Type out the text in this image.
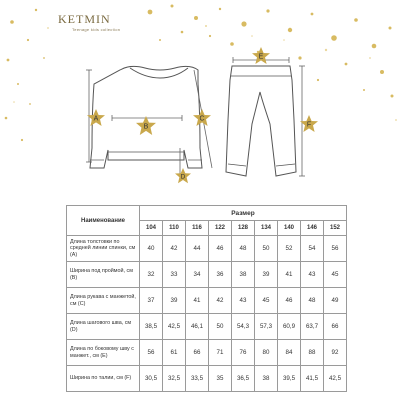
KETMIN
Teenage kids collection
A
B
C
D
E
F
Наименование	Размер								
	104	110	116	122	128	134	140	146	152
Длина толстовки по средней линии спинки, см (A)	40	42	44	46	48	50	52	54	56
Ширина под проймой, см (B)	32	33	34	36	38	39	41	43	45
Длина рукава с манжетой, см (C)	37	39	41	42	43	45	46	48	49
Длина шагового шва, см (D)	38,5	42,5	46,1	50	54,3	57,3	60,9	63,7	66
Длина по боковому шву с манжет., см (E)	56	61	66	71	76	80	84	88	92
Ширина по талии, см (F)	30,5	32,5	33,5	35	36,5	38	39,5	41,5	42,5
